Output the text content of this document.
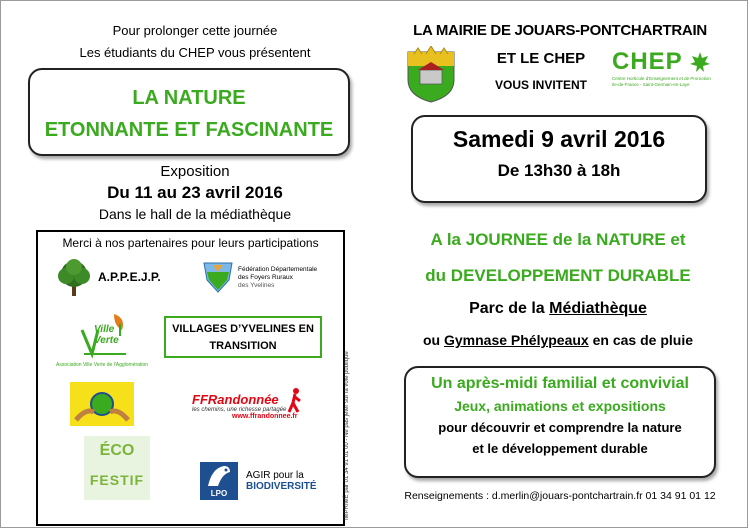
Pour prolonger cette journée
Les étudiants du CHEP vous présentent
LA NATURE
ETONNANTE ET FASCINANTE
Exposition
Du 11 au 23 avril 2016
Dans le hall de la médiathèque
Merci à nos partenaires pour leurs participations
A.P.P.E.J.P.
Fédération Départementale
des Foyers Ruraux
des Yvelines
Ville
Verte
Association Ville Verte de l'Agglomération
VILLAGES D’YVELINES EN
TRANSITION
FFRandonnée
les chemins, une richesse partagée
www.ffrandonnee.fr
ÉCO
FESTIF
LPO
AGIR pour la
BIODIVERSITÉ	IMPRIMÉ par 01 34 91 01 00 - Ne pas jeter sur la voie publique
LA MAIRIE DE JOUARS-PONTCHARTRAIN
ET LE CHEP
VOUS INVITENT
CHEP
Centre Horticole d'Enseignement et de Promotion
Ile-de-France - Saint-Germain-en-Laye
Samedi 9 avril 2016
De 13h30 à 18h
A la JOURNEE de la NATURE et
du DEVELOPPEMENT DURABLE
Parc de la Médiathèque
ou Gymnase Phélypeaux en cas de pluie
Un après-midi familial et convivial
Jeux, animations et expositions
pour découvrir et comprendre la nature
et le développement durable
Renseignements : d.merlin@jouars-pontchartrain.fr 01 34 91 01 12
